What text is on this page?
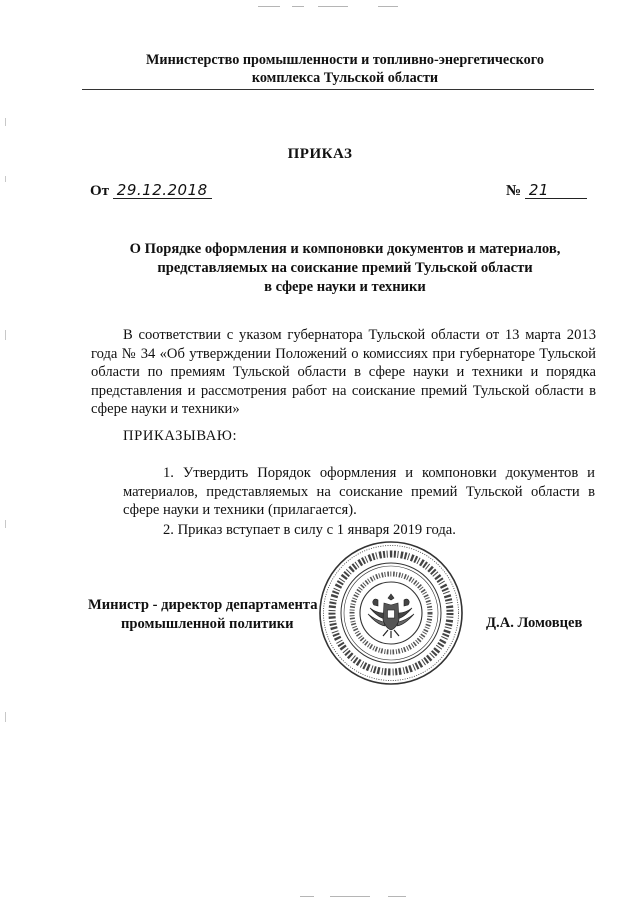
Министерство промышленности и топливно-энергетического
комплекса Тульской области
ПРИКАЗ
От 29.12.2018	№ 21
О Порядке оформления и компоновки документов и материалов,
представляемых на соискание премий Тульской области
в сфере науки и техники

В соответствии с указом губернатора Тульской области от 13 марта 2013 года № 34 «Об утверждении Положений о комиссиях при губернаторе Тульской области по премиям Тульской области в сфере науки и техники и порядка представления и рассмотрения работ на соискание премий Тульской области в сфере науки и техники»

ПРИКАЗЫВАЮ:

1. Утвердить Порядок оформления и компоновки документов и материалов, представляемых на соискание премий Тульской области в сфере науки и техники (прилагается).

2. Приказ вступает в силу с 1 января 2019 года.

Министр - директор департамента
промышленной политики	Д.А. Ломовцев
